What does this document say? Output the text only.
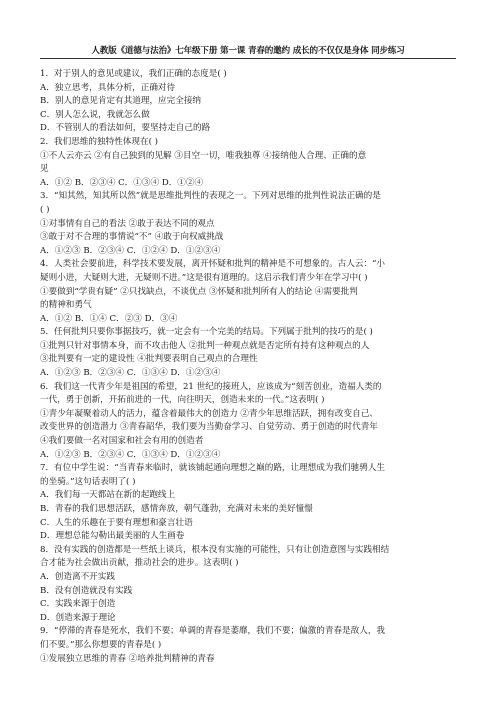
人教版《道德与法治》七年级下册 第一课 青春的邀约 成长的不仅仅是身体 同步练习

1．对于别人的意见或建议，我们正确的态度是( )

A．独立思考，具体分析，正确对待

B．别人的意见肯定有其道理，应完全接纳

C．别人怎么说，我就怎么做

D．不管别人的看法如何，要坚持走自己的路

2．我们思维的独特性体现在( )

①不人云亦云 ②有自己独到的见解 ③目空一切，唯我独尊 ④接纳他人合理、正确的意

见

A．①② B．②③④ C．①③④ D．①②④

3．“知其然，知其所以然”就是思维批判性的表现之一。下列对思维的批判性说法正确的是

( )

①对事情有自己的看法 ②敢于表达不同的观点

③敢于对不合理的事情说“不” ④敢于向权威挑战

A．①②③ B．②③④ C．①②④ D．①②③④

4．人类社会要前进，科学技术要发展，离开怀疑和批判的精神是不可想象的。古人云：“小

疑则小进，大疑则大进，无疑则不进。”这是很有道理的。这启示我们青少年在学习中( )

①要做到“学贵有疑” ②只找缺点，不谈优点 ③怀疑和批判所有人的结论 ④需要批判

的精神和勇气

A．①② B．①④ C．②③ D．③④

5．任何批判只要你事据技巧，就一定会有一个完美的结局。下列属于批判的技巧的是( )

①批判只针对事情本身，而不攻击他人 ②批判一种观点就是否定所有持有这种观点的人

③批判要有一定的建设性 ④批判要表明自己观点的合理性

A．①②③ B．②③④ C．①③④ D．①②③④

6．我们这一代青少年是祖国的希望，21 世纪的接班人，应该成为“刻苦创业，造福人类的

一代，勇于创新，开拓前进的一代，向往明天，创造未来的一代。”这表明( )

①青少年凝聚着动人的活力，蕴含着最伟大的创造力 ②青少年思维活跃，拥有改变自己、

改变世界的创造潜力 ③青春韶华，我们要为当勤奋学习、自觉劳动、勇于创造的时代青年

④我们要做一名对国家和社会有用的创造者

A．①②③ B．②③④ C．①③④ D．①②③④

7．有位中学生说：“当青春来临时，就该铺起通向理想之巅的路，让理想成为我们驰骋人生

的坐骑。”这句话表明了( )

A．我们每一天都站在新的起跑线上

B．青春的我们思想活跃，感情奔放，朝气蓬勃，充满对未来的美好憧憬

C．人生的乐趣在于要有理想和豪言壮语

D．理想总能勾勒出最美丽的人生画卷

8．没有实践的创造都是一些纸上谈兵，根本没有实施的可能性，只有让创造意图与实践相结

合才能为社会做出贡献，推动社会的进步。这表明( )

A．创造离不开实践

B．没有创造就没有实践

C．实践来源于创造

D．创造来源于理论

9．“停滞的青春是死水，我们不要；单调的青春是萎靡，我们不要；偏激的青春是敌人，我

们不要。”那么你想要的青春是( )

①发展独立思维的青春 ②培养批判精神的青春
